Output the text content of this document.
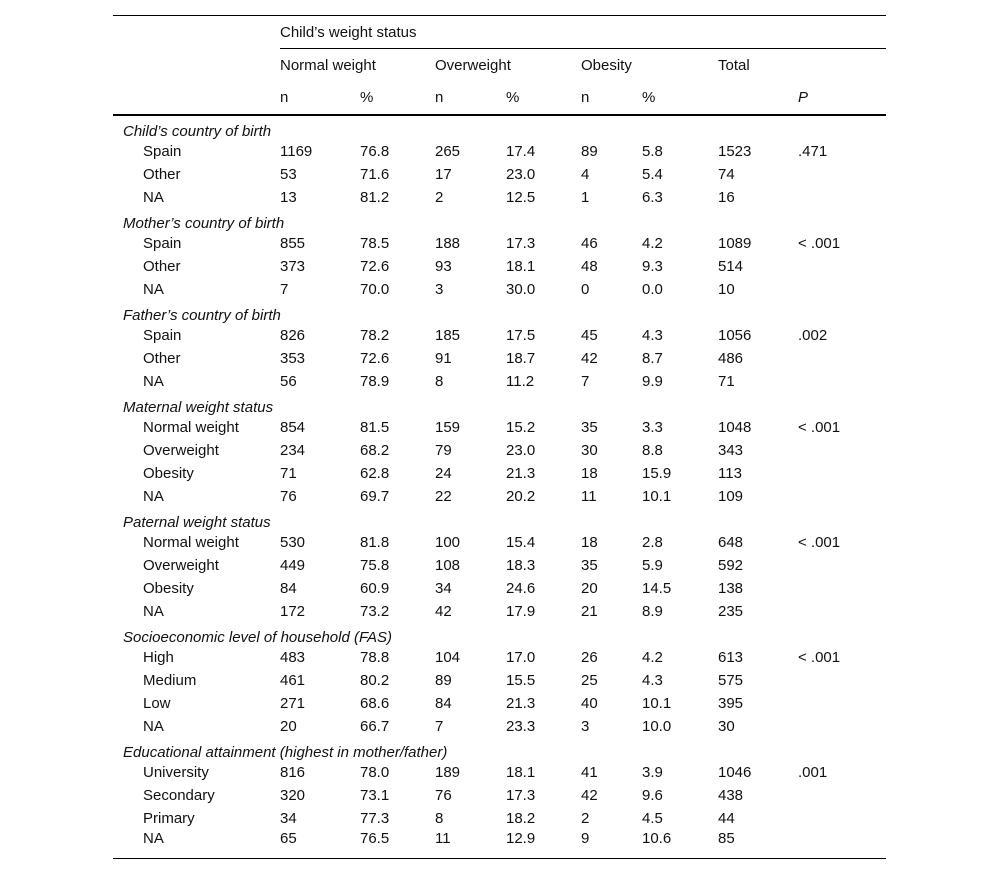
	Child’s weight status							
	Normal weight		Overweight		Obesity		Total	
	n	%	n	%	n	%		P
Child’s country of birth								
Spain	1169	76.8	265	17.4	89	5.8	1523	.471
Other	53	71.6	17	23.0	4	5.4	74	
NA	13	81.2	2	12.5	1	6.3	16	
Mother’s country of birth								
Spain	855	78.5	188	17.3	46	4.2	1089	< .001
Other	373	72.6	93	18.1	48	9.3	514	
NA	7	70.0	3	30.0	0	0.0	10	
Father’s country of birth								
Spain	826	78.2	185	17.5	45	4.3	1056	.002
Other	353	72.6	91	18.7	42	8.7	486	
NA	56	78.9	8	11.2	7	9.9	71	
Maternal weight status								
Normal weight	854	81.5	159	15.2	35	3.3	1048	< .001
Overweight	234	68.2	79	23.0	30	8.8	343	
Obesity	71	62.8	24	21.3	18	15.9	113	
NA	76	69.7	22	20.2	11	10.1	109	
Paternal weight status								
Normal weight	530	81.8	100	15.4	18	2.8	648	< .001
Overweight	449	75.8	108	18.3	35	5.9	592	
Obesity	84	60.9	34	24.6	20	14.5	138	
NA	172	73.2	42	17.9	21	8.9	235	
Socioeconomic level of household (FAS)								
High	483	78.8	104	17.0	26	4.2	613	< .001
Medium	461	80.2	89	15.5	25	4.3	575	
Low	271	68.6	84	21.3	40	10.1	395	
NA	20	66.7	7	23.3	3	10.0	30	
Educational attainment (highest in mother/father)								
University	816	78.0	189	18.1	41	3.9	1046	.001
Secondary	320	73.1	76	17.3	42	9.6	438	
Primary	34	77.3	8	18.2	2	4.5	44	
NA	65	76.5	11	12.9	9	10.6	85	
